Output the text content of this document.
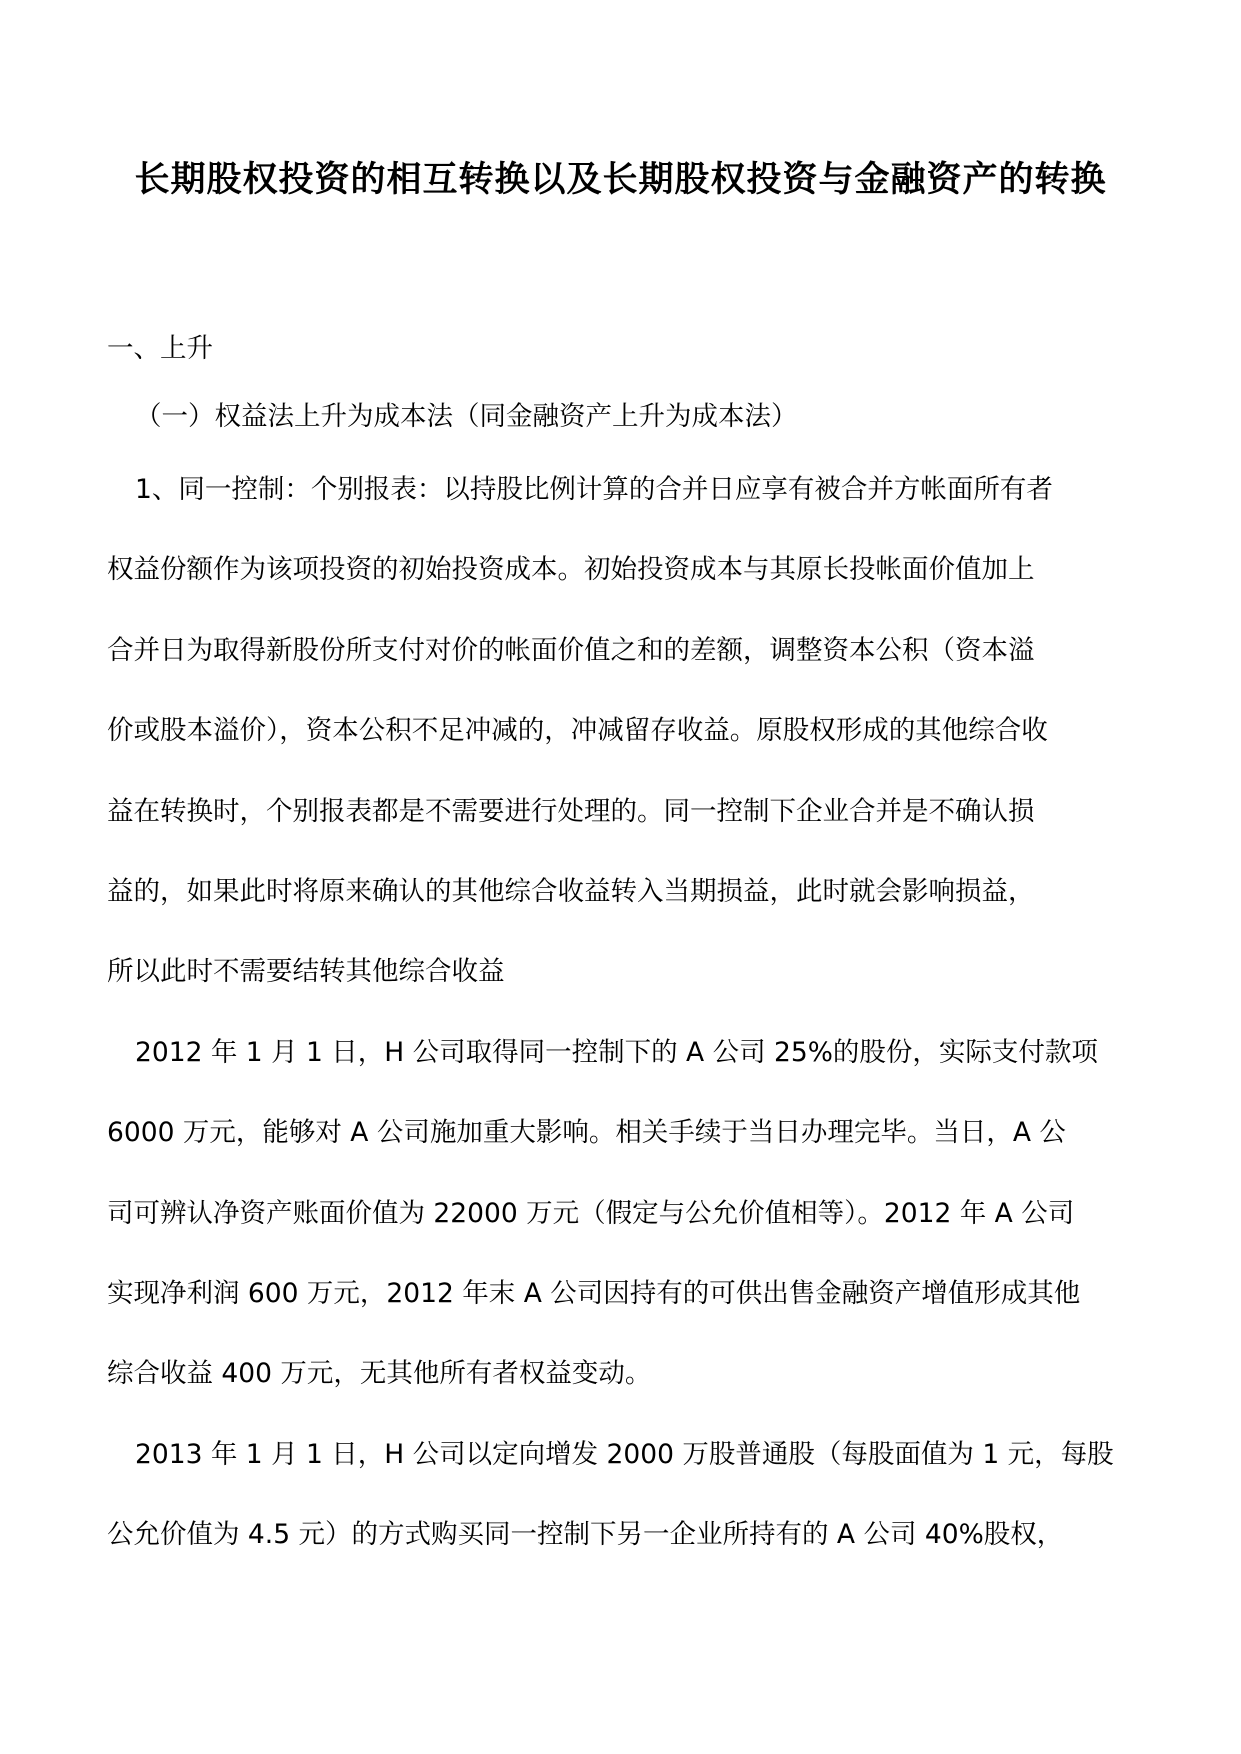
长期股权投资的相互转换以及长期股权投资与金融资产的转换
一、上升
（一）权益法上升为成本法（同金融资产上升为成本法）
1、同一控制：个别报表：以持股比例计算的合并日应享有被合并方帐面所有者
权益份额作为该项投资的初始投资成本。初始投资成本与其原长投帐面价值加上
合并日为取得新股份所支付对价的帐面价值之和的差额，调整资本公积（资本溢
价或股本溢价），资本公积不足冲减的，冲减留存收益。原股权形成的其他综合收
益在转换时，个别报表都是不需要进行处理的。同一控制下企业合并是不确认损
益的，如果此时将原来确认的其他综合收益转入当期损益，此时就会影响损益，
所以此时不需要结转其他综合收益
2012 年 1 月 1 日，H 公司取得同一控制下的 A 公司 25%的股份，实际支付款项
6000 万元，能够对 A 公司施加重大影响。相关手续于当日办理完毕。当日，A 公
司可辨认净资产账面价值为 22000 万元（假定与公允价值相等）。2012 年 A 公司
实现净利润 600 万元，2012 年末 A 公司因持有的可供出售金融资产增值形成其他
综合收益 400 万元，无其他所有者权益变动。
2013 年 1 月 1 日，H 公司以定向增发 2000 万股普通股（每股面值为 1 元，每股
公允价值为 4.5 元）的方式购买同一控制下另一企业所持有的 A 公司 40%股权，
